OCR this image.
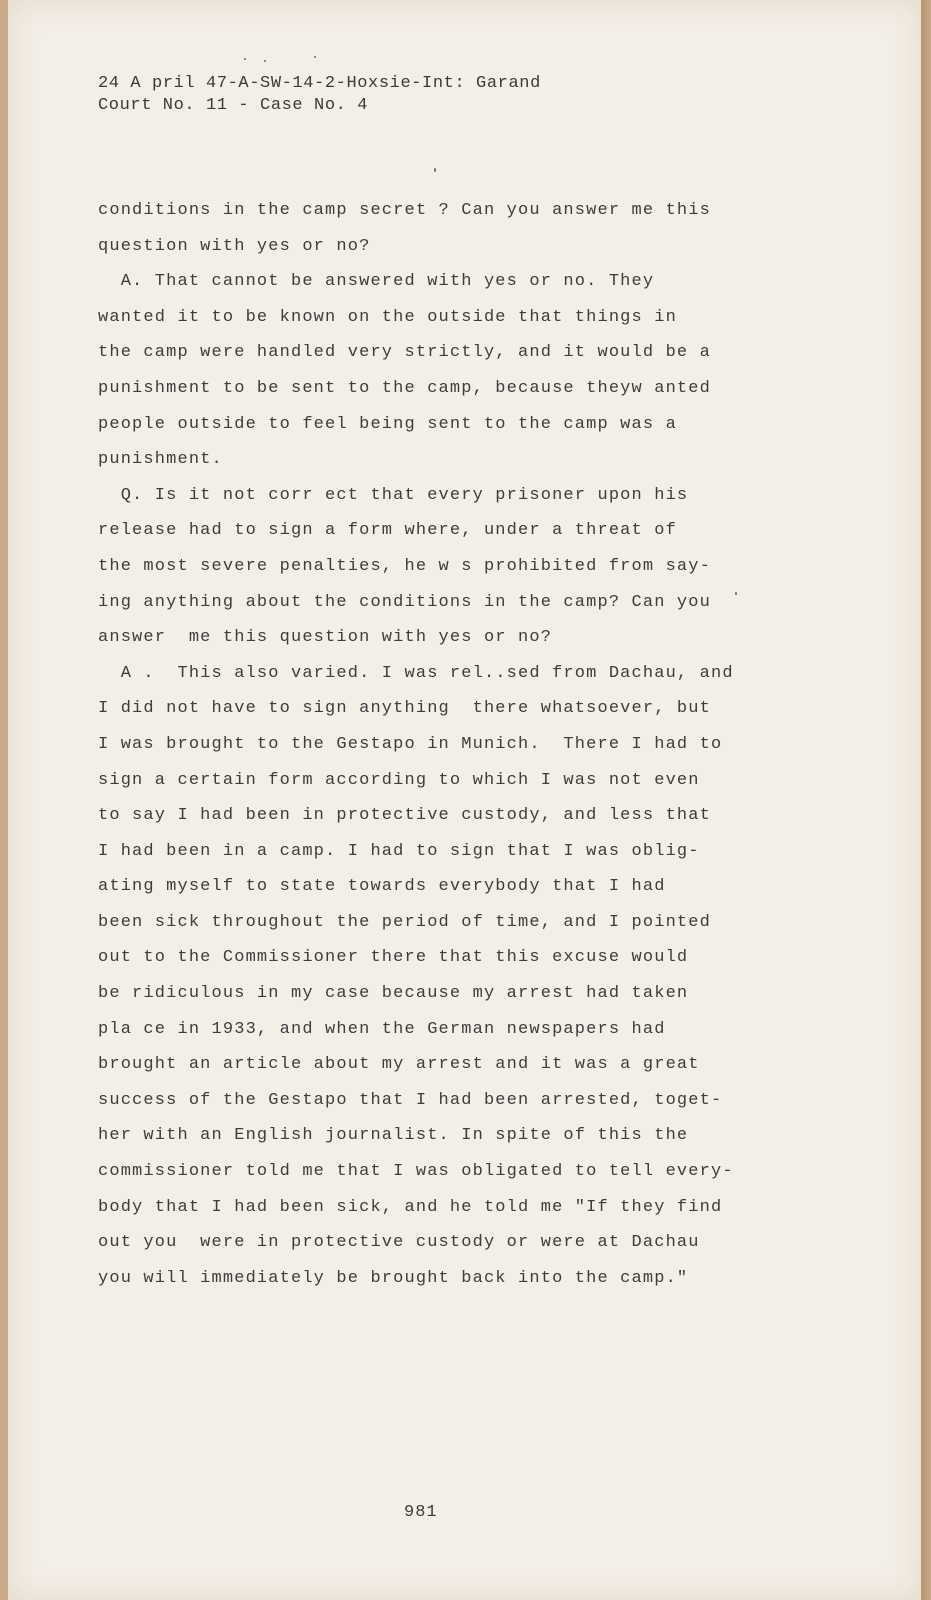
24 A pril 47-A-SW-14-2-Hoxsie-Int: Garand
Court No. 11 - Case No. 4
conditions in the camp secret ? Can you answer me this
question with yes or no?
A. That cannot be answered with yes or no. They
wanted it to be known on the outside that things in
the camp were handled very strictly, and it would be a
punishment to be sent to the camp, because theyw anted
people outside to feel being sent to the camp was a
punishment.
Q. Is it not corr ect that every prisoner upon his
release had to sign a form where, under a threat of
the most severe penalties, he w s prohibited from say-
ing anything about the conditions in the camp? Can you
answer  me this question with yes or no?
A .  This also varied. I was rel..sed from Dachau, and
I did not have to sign anything  there whatsoever, but
I was brought to the Gestapo in Munich.  There I had to
sign a certain form according to which I was not even
to say I had been in protective custody, and less that
I had been in a camp. I had to sign that I was oblig-
ating myself to state towards everybody that I had
been sick throughout the period of time, and I pointed
out to the Commissioner there that this excuse would
be ridiculous in my case because my arrest had taken
pla ce in 1933, and when the German newspapers had
brought an article about my arrest and it was a great
success of the Gestapo that I had been arrested, toget-
her with an English journalist. In spite of this the
commissioner told me that I was obligated to tell every-
body that I had been sick, and he told me "If they find
out you  were in protective custody or were at Dachau
you will immediately be brought back into the camp."
981
